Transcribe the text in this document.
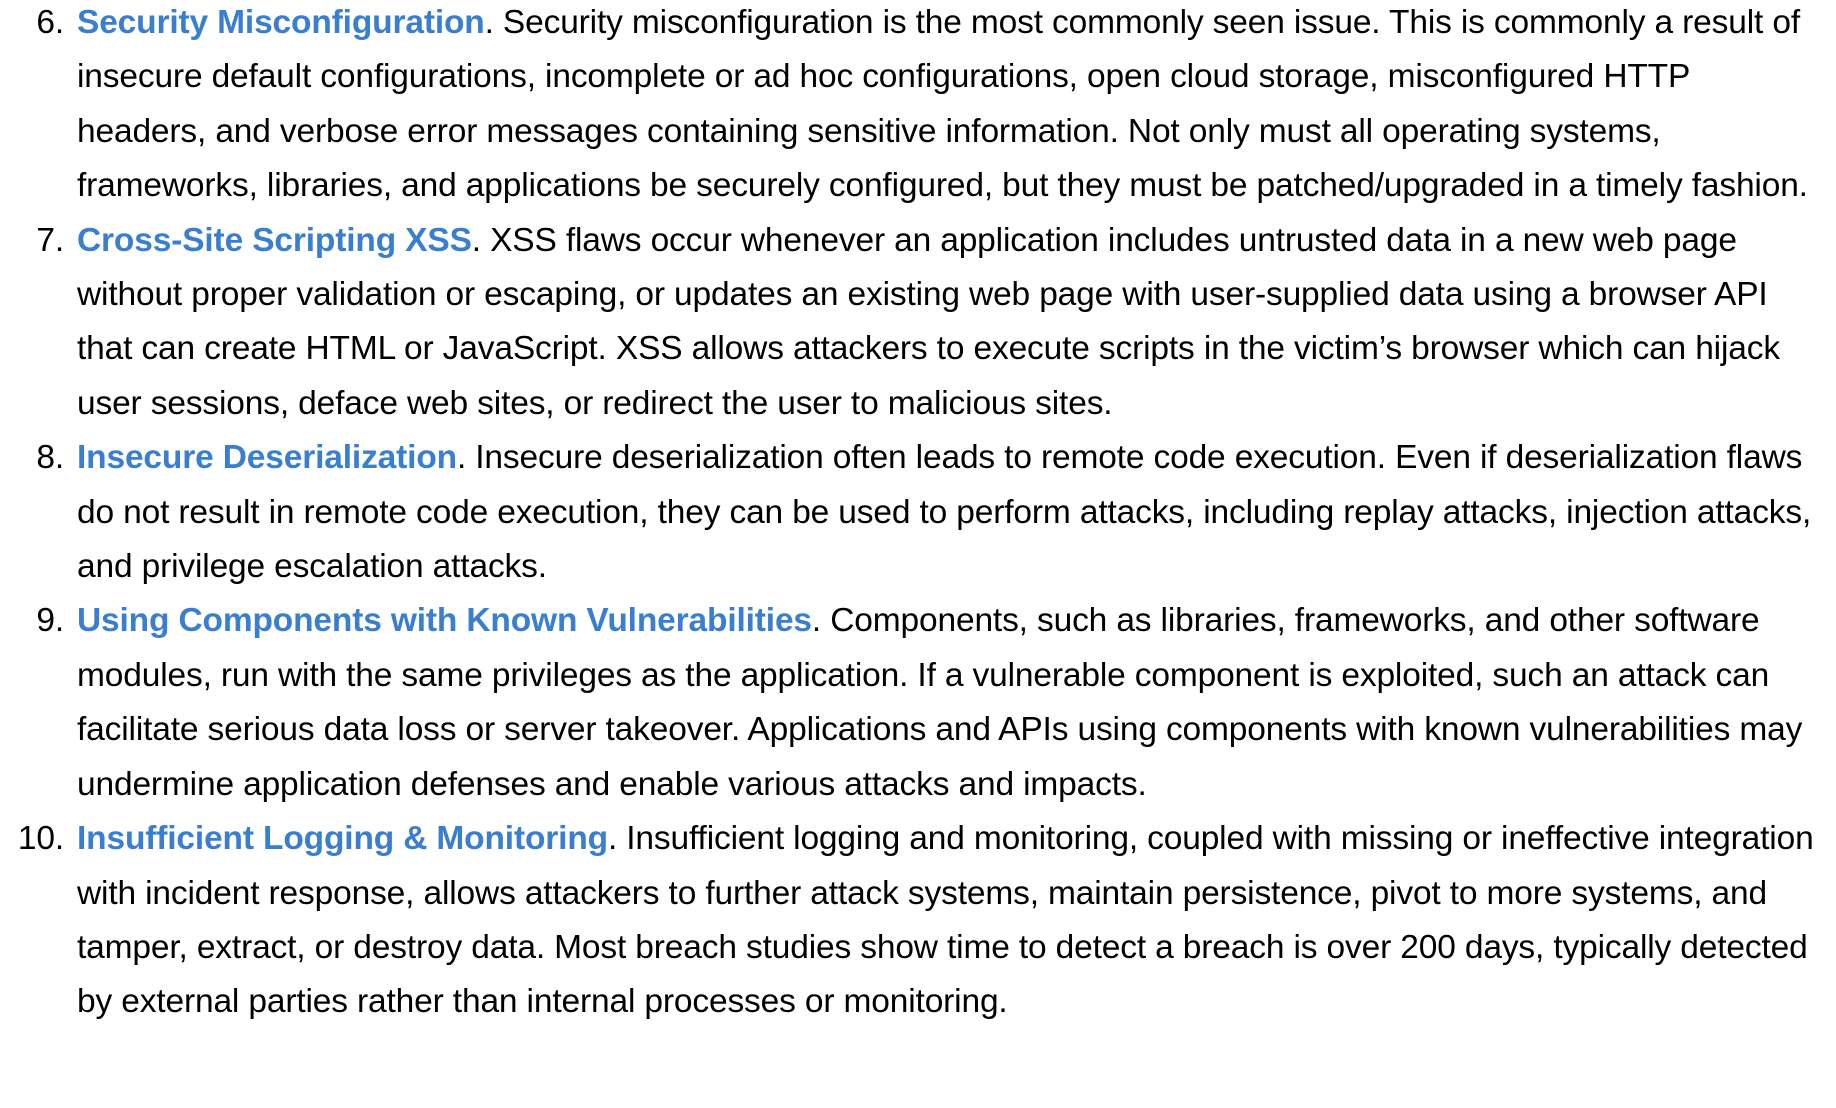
6. Security Misconfiguration. Security misconfiguration is the most commonly seen issue. This is commonly a result of insecure default configurations, incomplete or ad hoc configurations, open cloud storage, misconfigured HTTP headers, and verbose error messages containing sensitive information. Not only must all operating systems, frameworks, libraries, and applications be securely configured, but they must be patched/upgraded in a timely fashion.
7. Cross-Site Scripting XSS. XSS flaws occur whenever an application includes untrusted data in a new web page without proper validation or escaping, or updates an existing web page with user-supplied data using a browser API that can create HTML or JavaScript. XSS allows attackers to execute scripts in the victim’s browser which can hijack user sessions, deface web sites, or redirect the user to malicious sites.
8. Insecure Deserialization. Insecure deserialization often leads to remote code execution. Even if deserialization flaws do not result in remote code execution, they can be used to perform attacks, including replay attacks, injection attacks, and privilege escalation attacks.
9. Using Components with Known Vulnerabilities. Components, such as libraries, frameworks, and other software modules, run with the same privileges as the application. If a vulnerable component is exploited, such an attack can facilitate serious data loss or server takeover. Applications and APIs using components with known vulnerabilities may undermine application defenses and enable various attacks and impacts.
10. Insufficient Logging & Monitoring. Insufficient logging and monitoring, coupled with missing or ineffective integration with incident response, allows attackers to further attack systems, maintain persistence, pivot to more systems, and tamper, extract, or destroy data. Most breach studies show time to detect a breach is over 200 days, typically detected by external parties rather than internal processes or monitoring.
